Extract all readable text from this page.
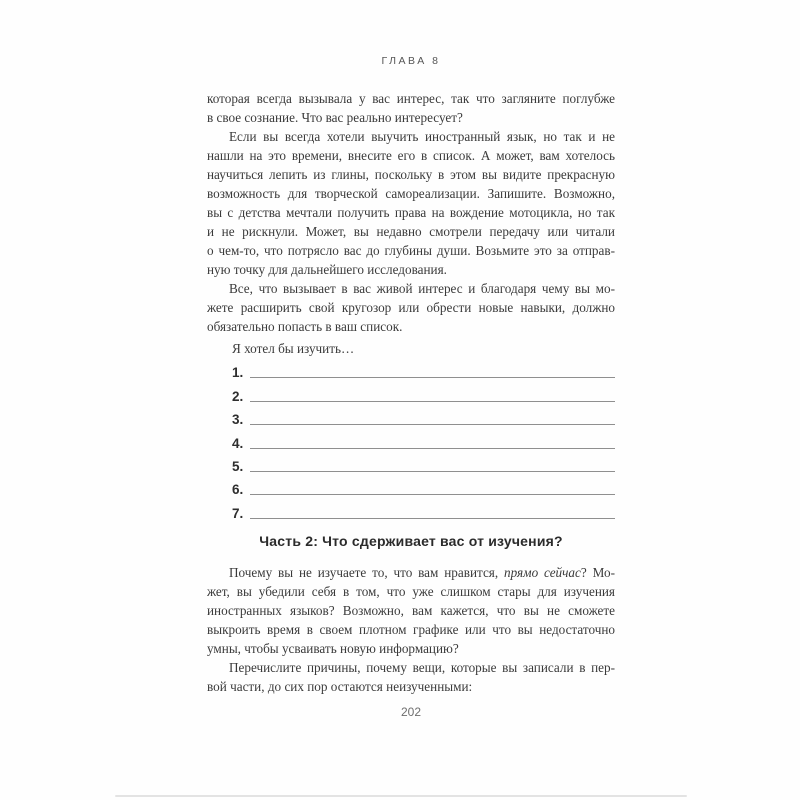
ГЛАВА 8

которая всегда вызывала у вас интерес, так что загляните поглубже
в свое сознание. Что вас реально интересует?

Если вы всегда хотели выучить иностранный язык, но так и не
нашли на это времени, внесите его в список. А может, вам хотелось
научиться лепить из глины, поскольку в этом вы видите прекрасную
возможность для творческой самореализации. Запишите. Возможно,
вы с детства мечтали получить права на вождение мотоцикла, но так
и не рискнули. Может, вы недавно смотрели передачу или читали
о чем-то, что потрясло вас до глубины души. Возьмите это за отправ-
ную точку для дальнейшего исследования.

Все, что вызывает в вас живой интерес и благодаря чему вы мо-
жете расширить свой кругозор или обрести новые навыки, должно
обязательно попасть в ваш список.

Я хотел бы изучить…
1.
2.
3.
4.
5.
6.
7.
Часть 2: Что сдерживает вас от изучения?

Почему вы не изучаете то, что вам нравится, прямо сейчас? Мо-
жет, вы убедили себя в том, что уже слишком стары для изучения
иностранных языков? Возможно, вам кажется, что вы не сможете
выкроить время в своем плотном графике или что вы недостаточно
умны, чтобы усваивать новую информацию?

Перечислите причины, почему вещи, которые вы записали в пер-
вой части, до сих пор остаются неизученными:

202
